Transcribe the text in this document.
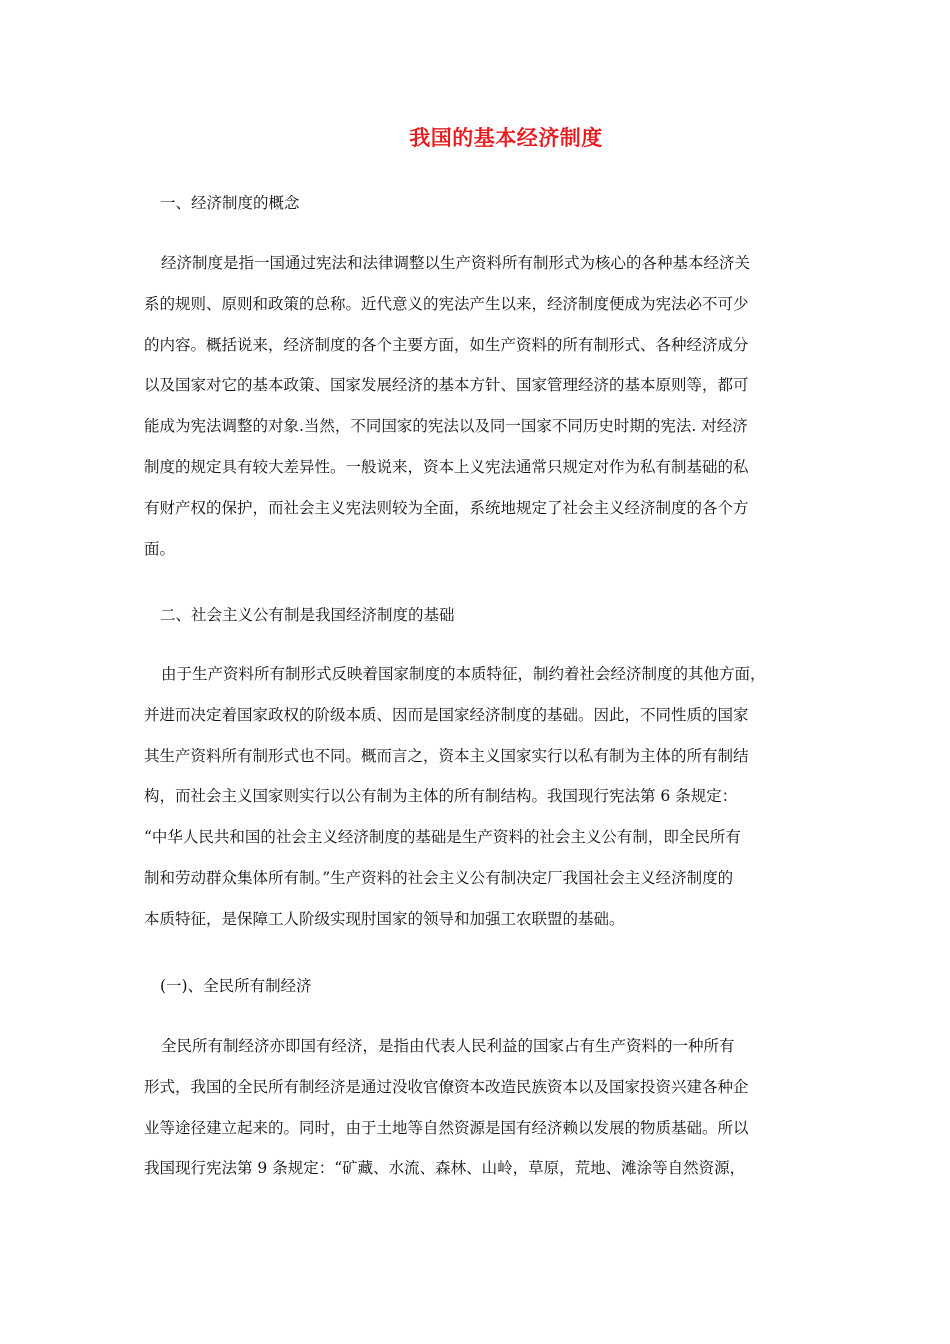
我国的基本经济制度
一、经济制度的概念
经济制度是指一国通过宪法和法律调整以生产资料所有制形式为核心的各种基本经济关
系的规则、原则和政策的总称。近代意义的宪法产生以来，经济制度便成为宪法必不可少
的内容。概括说来，经济制度的各个主要方面，如生产资料的所有制形式、各种经济成分
以及国家对它的基本政策、国家发展经济的基本方针、国家管理经济的基本原则等，都可
能成为宪法调整的对象.当然，不同国家的宪法以及同一国家不同历史时期的宪法. 对经济
制度的规定具有较大差异性。一般说来，资本上义宪法通常只规定对作为私有制基础的私
有财产权的保护，而社会主义宪法则较为全面，系统地规定了社会主义经济制度的各个方
面。
二、社会主义公有制是我国经济制度的基础
由于生产资料所有制形式反映着国家制度的本质特征，制约着社会经济制度的其他方面，
并进而决定着国家政权的阶级本质、因而是国家经济制度的基础。因此，不同性质的国家
其生产资料所有制形式也不同。概而言之，资本主义国家实行以私有制为主体的所有制结
构，而社会主义国家则实行以公有制为主体的所有制结构。我国现行宪法第 6 条规定：
“中华人民共和国的社会主义经济制度的基础是生产资料的社会主义公有制，即全民所有
制和劳动群众集体所有制。”生产资料的社会主义公有制决定厂我国社会主义经济制度的
本质特征，是保障工人阶级实现肘国家的领导和加强工农联盟的基础。
(一)、全民所有制经济
全民所有制经济亦即国有经济，是指由代表人民利益的国家占有生产资料的一种所有
形式，我国的全民所有制经济是通过没收官僚资本改造民族资本以及国家投资兴建各种企
业等途径建立起来的。同时，由于土地等自然资源是国有经济赖以发展的物质基础。所以
我国现行宪法第 9 条规定：“矿藏、水流、森林、山岭，草原，荒地、滩涂等自然资源，
